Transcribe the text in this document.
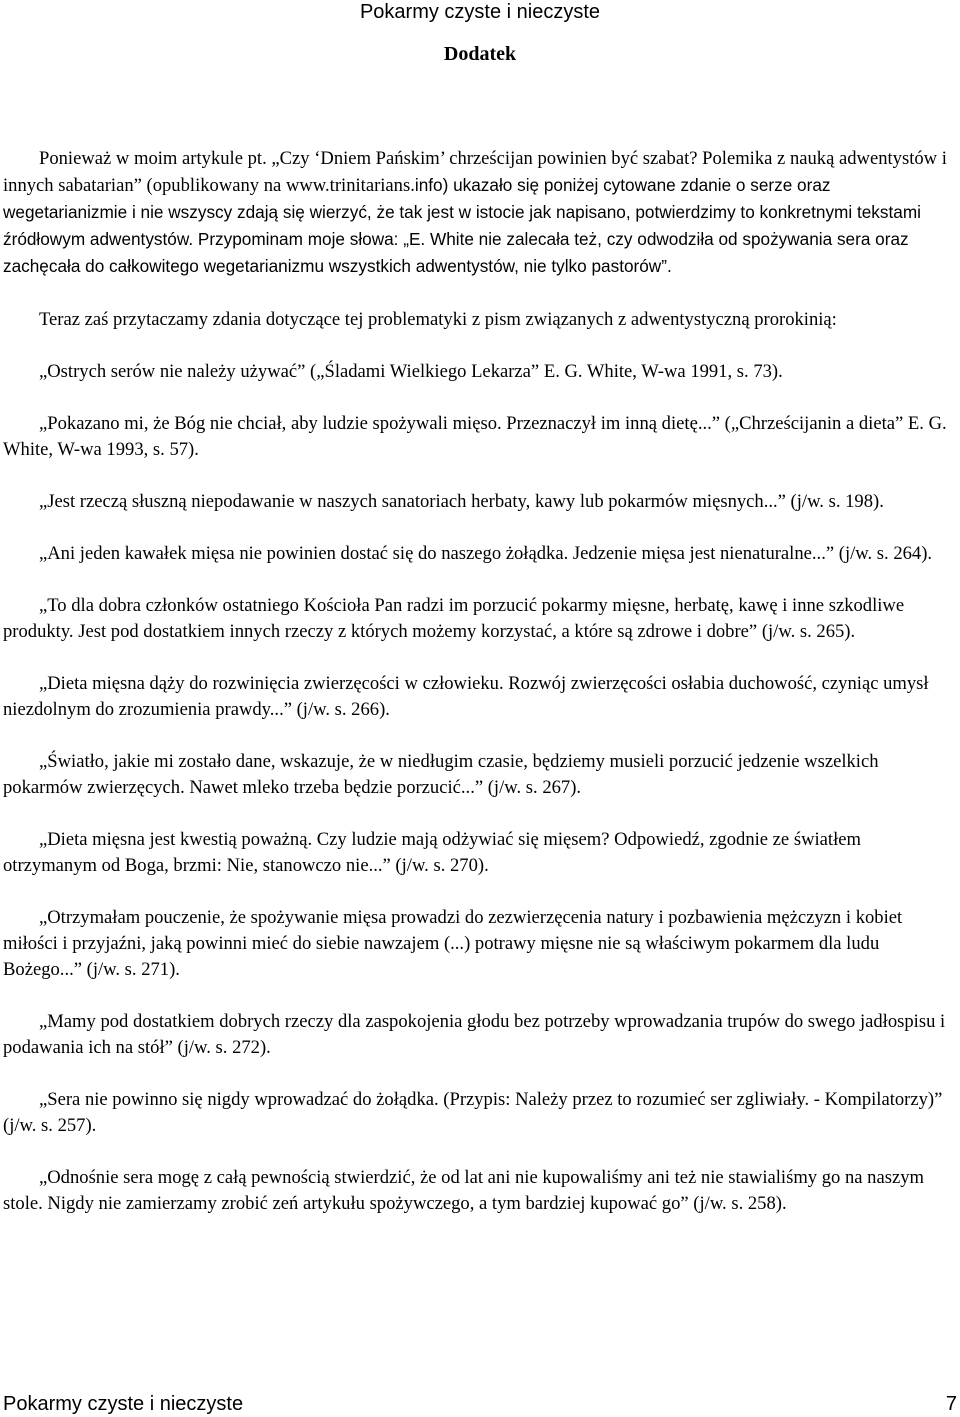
Pokarmy czyste i nieczyste
Dodatek

Ponieważ w moim artykule pt. „Czy ‘Dniem Pańskim’ chrześcijan powinien być szabat? Polemika z nauką adwentystów i innych sabatarian” (opublikowany na www.trinitarians.info) ukazało się poniżej cytowane zdanie o serze oraz wegetarianizmie i nie wszyscy zdają się wierzyć, że tak jest w istocie jak napisano, potwierdzimy to konkretnymi tekstami źródłowym adwentystów. Przypominam moje słowa: „E. White nie zalecała też, czy odwodziła od spożywania sera oraz zachęcała do całkowitego wegetarianizmu wszystkich adwentystów, nie tylko pastorów”.

Teraz zaś przytaczamy zdania dotyczące tej problematyki z pism związanych z adwentystyczną prorokinią:

„Ostrych serów nie należy używać” („Śladami Wielkiego Lekarza” E. G. White, W-wa 1991, s. 73).

„Pokazano mi, że Bóg nie chciał, aby ludzie spożywali mięso. Przeznaczył im inną dietę...” („Chrześcijanin a dieta” E. G. White, W-wa 1993, s. 57).

„Jest rzeczą słuszną niepodawanie w naszych sanatoriach herbaty, kawy lub pokarmów mięsnych...” (j/w. s. 198).

„Ani jeden kawałek mięsa nie powinien dostać się do naszego żołądka. Jedzenie mięsa jest nienaturalne...” (j/w. s. 264).

„To dla dobra członków ostatniego Kościoła Pan radzi im porzucić pokarmy mięsne, herbatę, kawę i inne szkodliwe produkty. Jest pod dostatkiem innych rzeczy z których możemy korzystać, a które są zdrowe i dobre” (j/w. s. 265).

„Dieta mięsna dąży do rozwinięcia zwierzęcości w człowieku. Rozwój zwierzęcości osłabia duchowość, czyniąc umysł niezdolnym do zrozumienia prawdy...” (j/w. s. 266).

„Światło, jakie mi zostało dane, wskazuje, że w niedługim czasie, będziemy musieli porzucić jedzenie wszelkich pokarmów zwierzęcych. Nawet mleko trzeba będzie porzucić...” (j/w. s. 267).

„Dieta mięsna jest kwestią poważną. Czy ludzie mają odżywiać się mięsem? Odpowiedź, zgodnie ze światłem otrzymanym od Boga, brzmi: Nie, stanowczo nie...” (j/w. s. 270).

„Otrzymałam pouczenie, że spożywanie mięsa prowadzi do zezwierzęcenia natury i pozbawienia mężczyzn i kobiet miłości i przyjaźni, jaką powinni mieć do siebie nawzajem (...) potrawy mięsne nie są właściwym pokarmem dla ludu Bożego...” (j/w. s. 271).

„Mamy pod dostatkiem dobrych rzeczy dla zaspokojenia głodu bez potrzeby wprowadzania trupów do swego jadłospisu i podawania ich na stół” (j/w. s. 272).

„Sera nie powinno się nigdy wprowadzać do żołądka. (Przypis: Należy przez to rozumieć ser zgliwiały. - Kompilatorzy)” (j/w. s. 257).

„Odnośnie sera mogę z całą pewnością stwierdzić, że od lat ani nie kupowaliśmy ani też nie stawialiśmy go na naszym stole. Nigdy nie zamierzamy zrobić zeń artykułu spożywczego, a tym bardziej kupować go” (j/w. s. 258).

Pokarmy czyste i nieczyste	7
